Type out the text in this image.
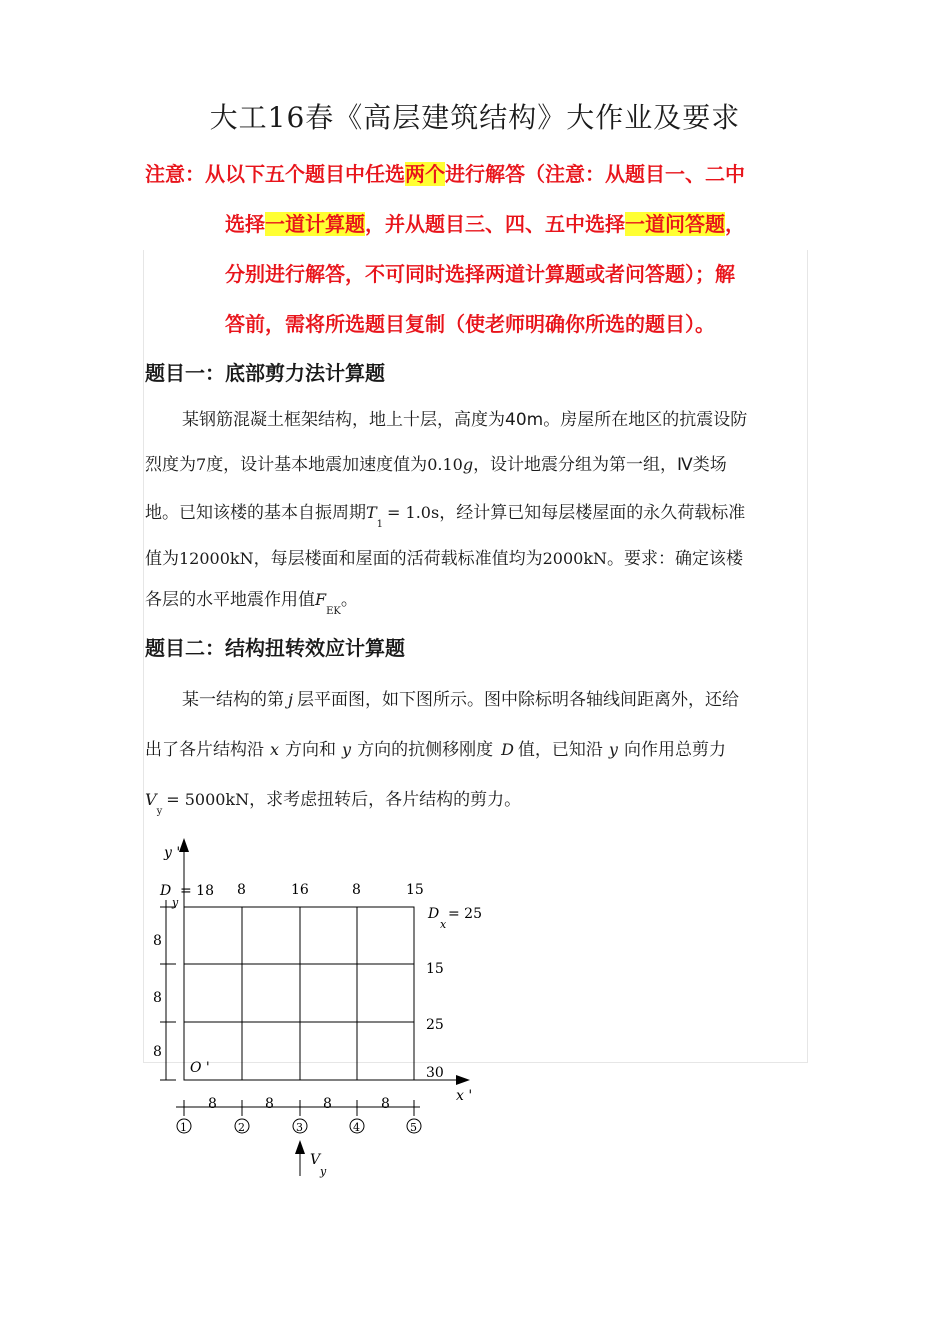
大工16春《高层建筑结构》大作业及要求
注意：从以下五个题目中任选两个进行解答（注意：从题目一、二中
选择一道计算题，并从题目三、四、五中选择一道问答题，
分别进行解答，不可同时选择两道计算题或者问答题）；解
答前，需将所选题目复制（使老师明确你所选的题目）。
题目一：底部剪力法计算题
某钢筋混凝土框架结构，地上十层，高度为40m。房屋所在地区的抗震设防
烈度为7度，设计基本地震加速度值为0.10g，设计地震分组为第一组，Ⅳ类场
地。已知该楼的基本自振周期$T_1= 1.0s$，经计算已知每层楼屋面的永久荷载标准
值为12000kN，每层楼面和屋面的活荷载标准值均为2000kN。要求：确定该楼
各层的水平地震作用值$F_{EK}$。
题目二：结构扭转效应计算题
某一结构的第 j 层平面图，如下图所示。图中除标明各轴线间距离外，还给
出了各片结构沿 x 方向和 y 方向的抗侧移刚度 D 值，已知沿 y 向作用总剪力
$V_y= 5000kN$，求考虑扭转后，各片结构的剪力。
y '
x '
O '
D
y
= 18 8	16	8	15
D
x
= 25
15
25
30
8
8
8
8	8	8	8
1	2	3	4	5
V
y
